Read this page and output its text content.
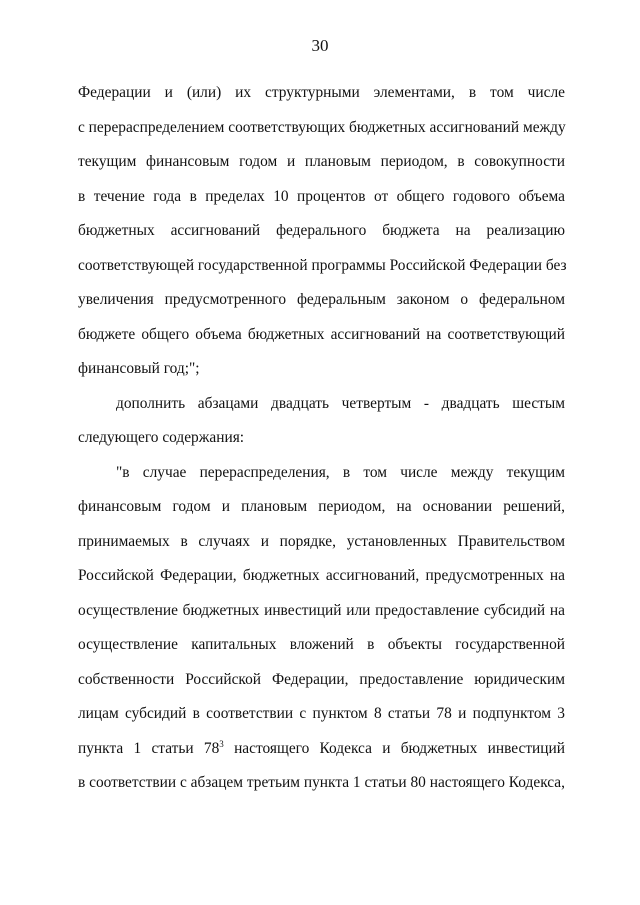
30
Федерации и (или) их структурными элементами, в том числе
с перераспределением соответствующих бюджетных ассигнований между
текущим финансовым годом и плановым периодом, в совокупности
в течение года в пределах 10 процентов от общего годового объема
бюджетных ассигнований федерального бюджета на реализацию
соответствующей государственной программы Российской Федерации без
увеличения предусмотренного федеральным законом о федеральном
бюджете общего объема бюджетных ассигнований на соответствующий
финансовый год;";
дополнить абзацами двадцать четвертым - двадцать шестым
следующего содержания:
"в случае перераспределения, в том числе между текущим
финансовым годом и плановым периодом, на основании решений,
принимаемых в случаях и порядке, установленных Правительством
Российской Федерации, бюджетных ассигнований, предусмотренных на
осуществление бюджетных инвестиций или предоставление субсидий на
осуществление капитальных вложений в объекты государственной
собственности Российской Федерации, предоставление юридическим
лицам субсидий в соответствии с пунктом 8 статьи 78 и подпунктом 3
пункта 1 статьи $78^3$ настоящего Кодекса и бюджетных инвестиций
в соответствии с абзацем третьим пункта 1 статьи 80 настоящего Кодекса,
